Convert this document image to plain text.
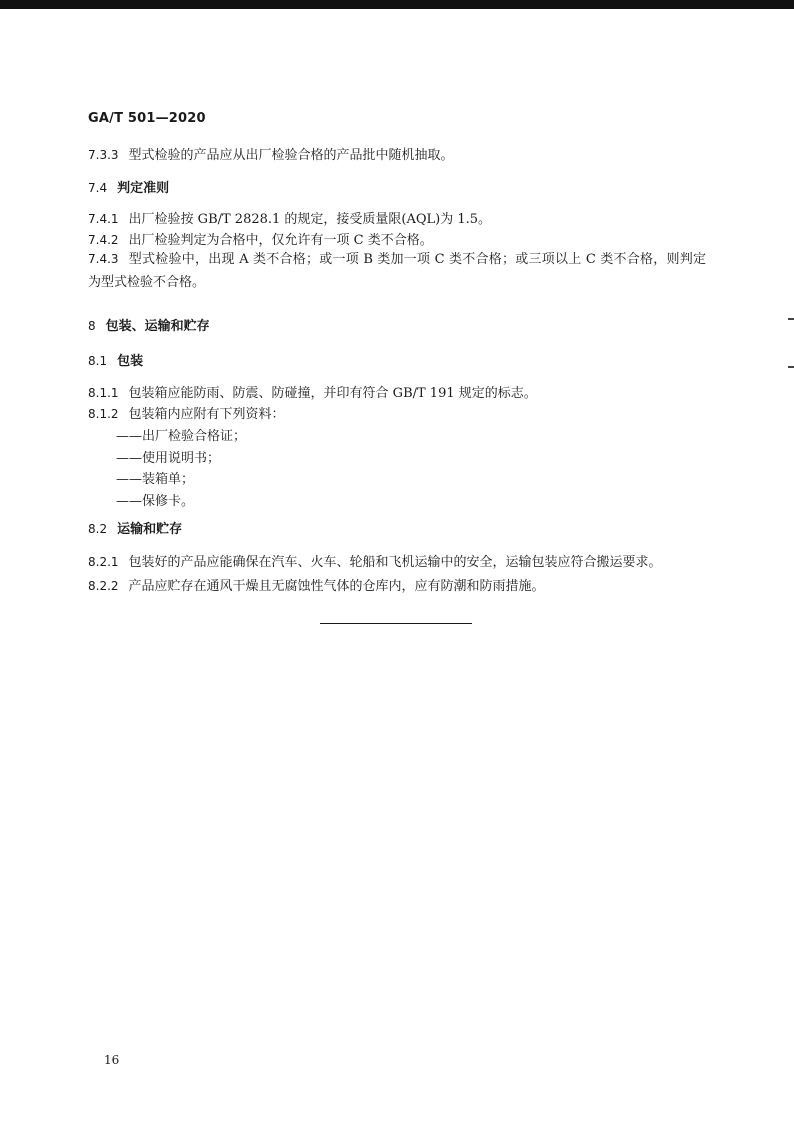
GA/T 501—2020
7.3.3 型式检验的产品应从出厂检验合格的产品批中随机抽取。
7.4 判定准则
7.4.1 出厂检验按 GB/T 2828.1 的规定，接受质量限(AQL)为 1.5。
7.4.2 出厂检验判定为合格中，仅允许有一项 C 类不合格。
7.4.3 型式检验中，出现 A 类不合格；或一项 B 类加一项 C 类不合格；或三项以上 C 类不合格，则判定为型式检验不合格。
8 包装、运输和贮存
8.1 包装
8.1.1 包装箱应能防雨、防震、防碰撞，并印有符合 GB/T 191 规定的标志。
8.1.2 包装箱内应附有下列资料：
——出厂检验合格证；
——使用说明书；
——装箱单；
——保修卡。
8.2 运输和贮存
8.2.1 包装好的产品应能确保在汽车、火车、轮船和飞机运输中的安全，运输包装应符合搬运要求。
8.2.2 产品应贮存在通风干燥且无腐蚀性气体的仓库内，应有防潮和防雨措施。
16
